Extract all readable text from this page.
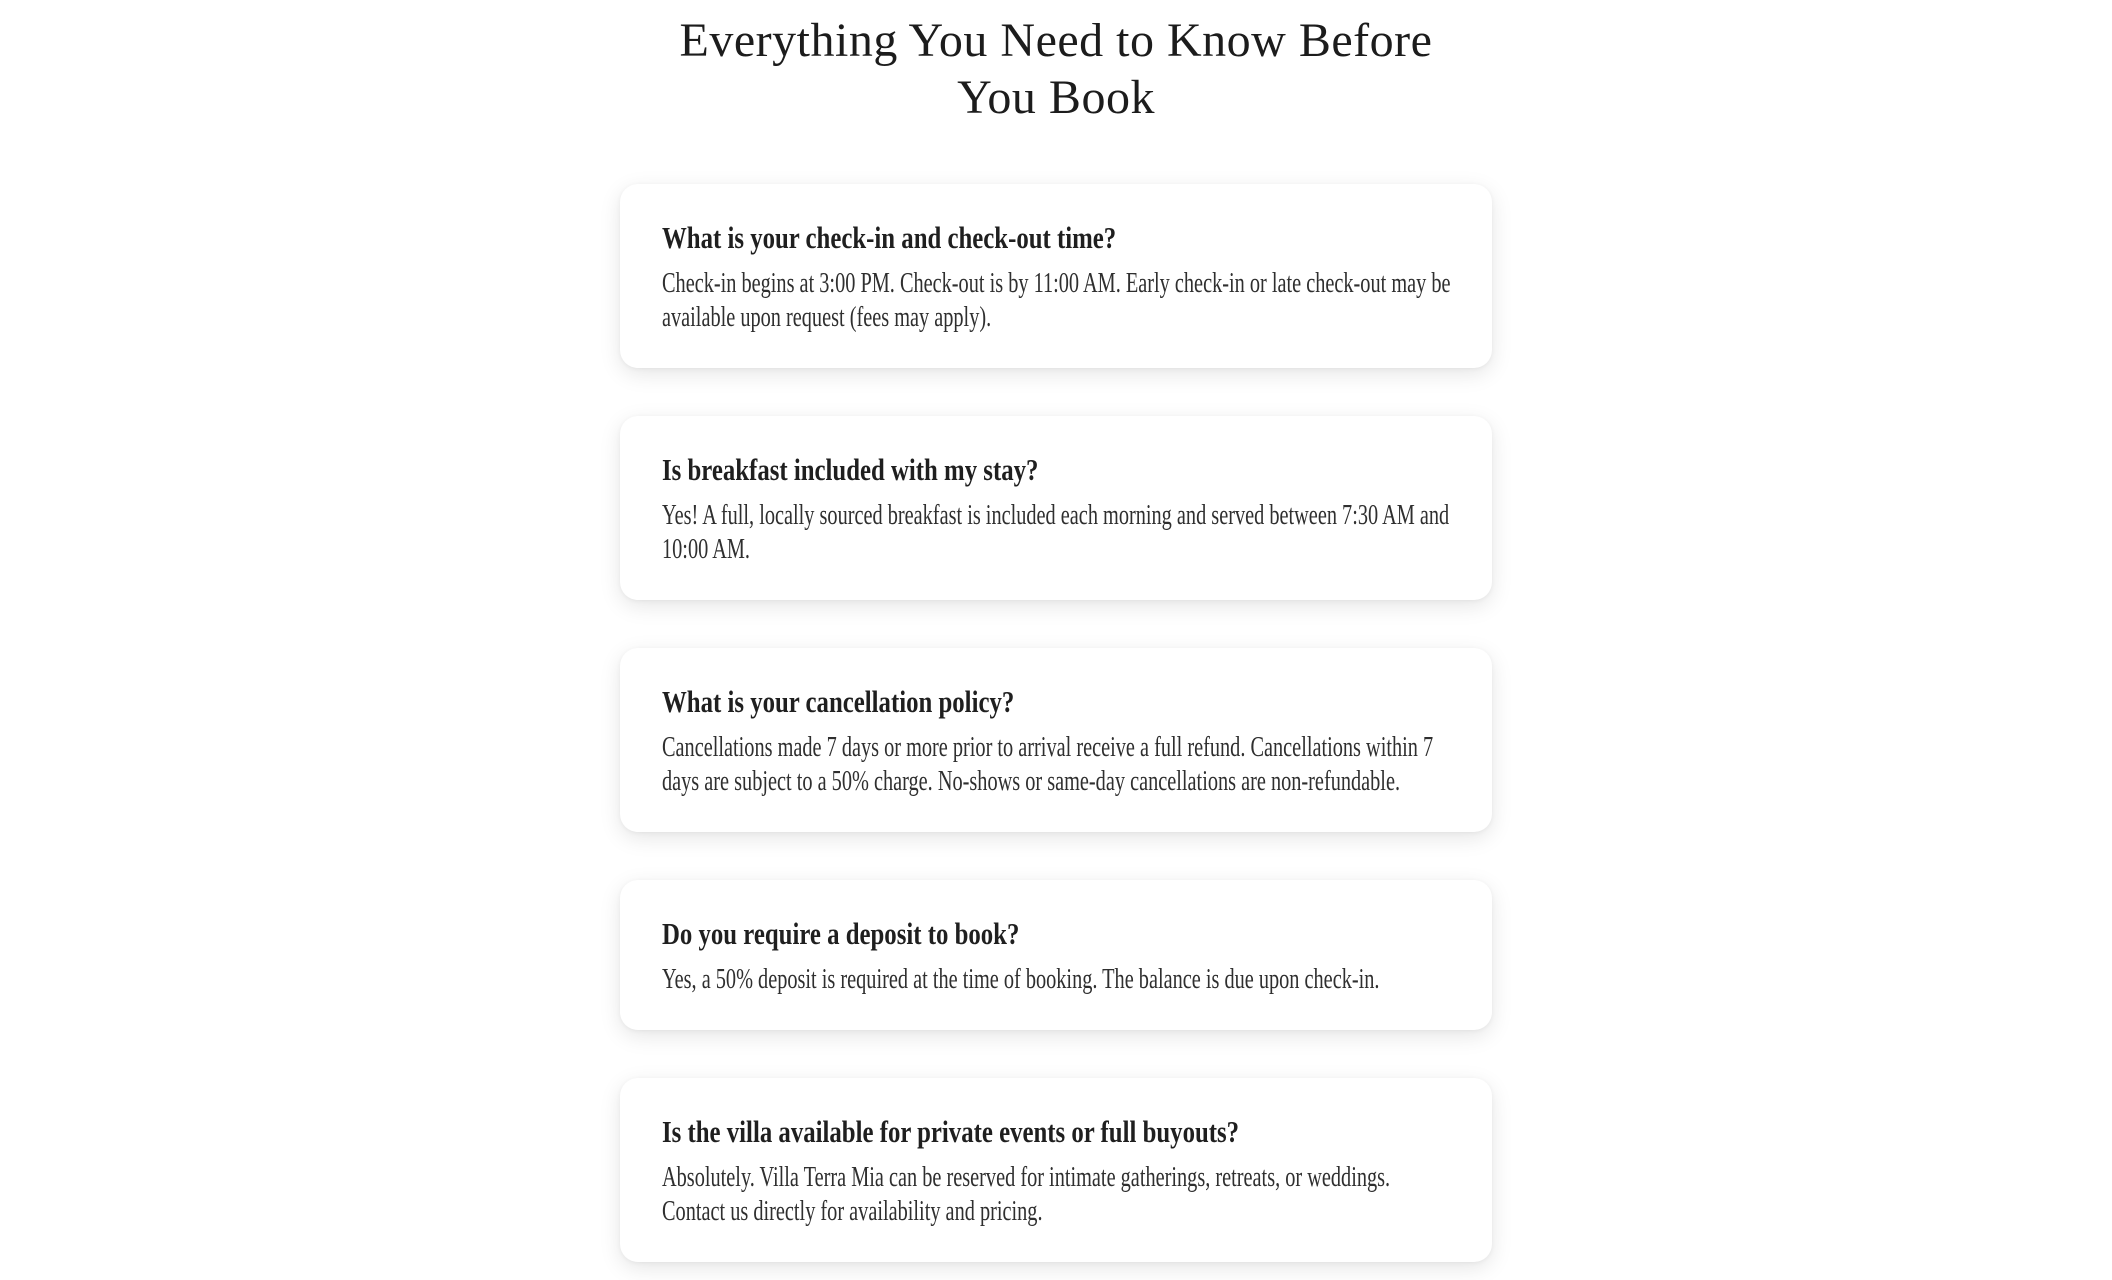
Everything You Need to Know Before
You Book
What is your check-in and check-out time?
Check-in begins at 3:00 PM. Check-out is by 11:00 AM. Early check-in or late check-out may be available upon request (fees may apply).
Is breakfast included with my stay?
Yes! A full, locally sourced breakfast is included each morning and served between 7:30 AM and 10:00 AM.
What is your cancellation policy?
Cancellations made 7 days or more prior to arrival receive a full refund. Cancellations within 7 days are subject to a 50% charge. No-shows or same-day cancellations are non-refundable.
Do you require a deposit to book?
Yes, a 50% deposit is required at the time of booking. The balance is due upon check-in.
Is the villa available for private events or full buyouts?
Absolutely. Villa Terra Mia can be reserved for intimate gatherings, retreats, or weddings. Contact us directly for availability and pricing.
